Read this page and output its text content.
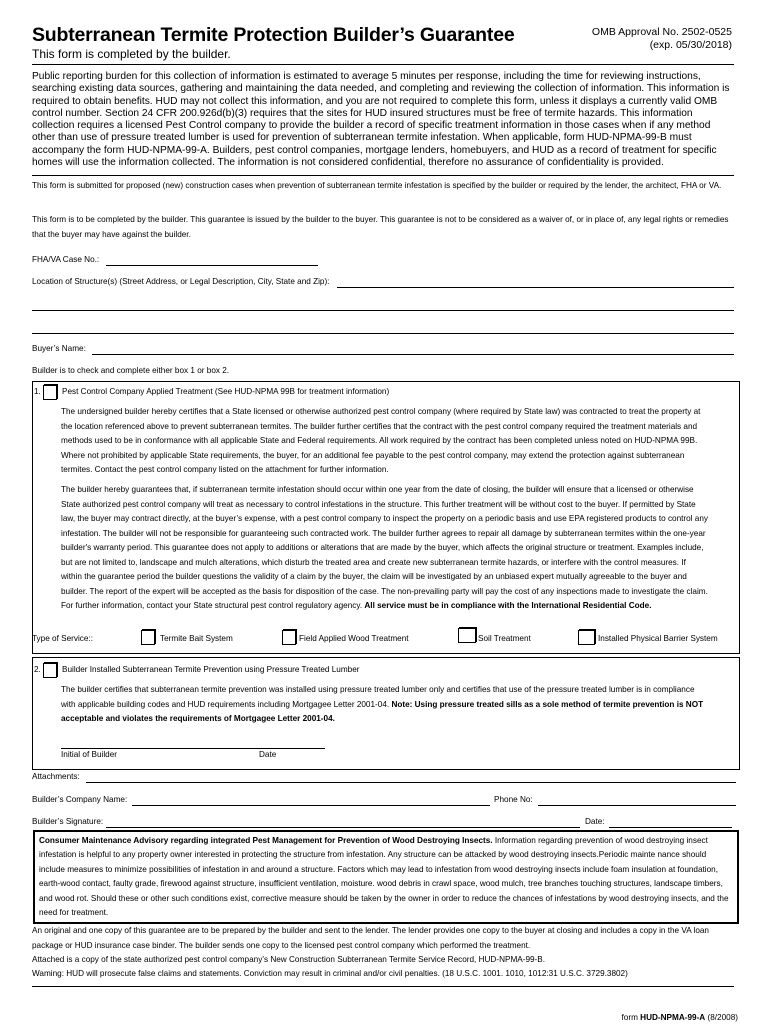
Subterranean Termite Protection Builder’s Guarantee
This form is completed by the builder.
OMB Approval No. 2502-0525
(exp. 05/30/2018)
Public reporting burden for this collection of information is estimated to average 5 minutes per response, including the time for reviewing instructions, searching existing data sources, gathering and maintaining the data needed, and completing and reviewing the collection of information. This information is required to obtain benefits. HUD may not collect this information, and you are not required to complete this form, unless it displays a currently valid OMB control number. Section 24 CFR 200.926d(b)(3) requires that the sites for HUD insured structures must be free of termite hazards. This information collection requires a licensed Pest Control company to provide the builder a record of specific treatment information in those cases when if any method other than use of pressure treated lumber is used for prevention of subterranean termite infestation. When applicable, form HUD-NPMA-99-B must accompany the form HUD-NPMA-99-A. Builders, pest control companies, mortgage lenders, homebuyers, and HUD as a record of treatment for specific homes will use the information collected. The information is not considered confidential, therefore no assurance of confidentiality is provided.
This form is submitted for proposed (new) construction cases when prevention of subterranean termite infestation is specified by the builder or required by the lender, the architect, FHA or VA.
This form is to be completed by the builder. This guarantee is issued by the builder to the buyer. This guarantee is not to be considered as a waiver of, or in place of, any legal rights or remedies that the buyer may have against the builder.
FHA/VA Case No.:
Location of Structure(s) (Street Address, or Legal Description, City, State and Zip):
Buyer’s Name:
Builder is to check and complete either box 1 or box 2.
1.	Pest Control Company Applied Treatment (See HUD-NPMA 99B for treatment information)
The undersigned builder hereby certifies that a State licensed or otherwise authorized pest control company (where required by State law) was contracted to treat the property at the location referenced above to prevent subterranean termites. The builder further certifies that the contract with the pest control company required the treatment materials and methods used to be in conformance with all applicable State and Federal requirements. All work required by the contract has been completed unless noted on HUD-NPMA 99B. Where not prohibited by applicable State requirements, the buyer, for an additional fee payable to the pest control company, may extend the protection against subterranean termites. Contact the pest control company listed on the attachment for further information.
The builder hereby guarantees that, if subterranean termite infestation should occur within one year from the date of closing, the builder will ensure that a licensed or otherwise State authorized pest control company will treat as necessary to control infestations in the structure. This further treatment will be without cost to the buyer. If permitted by State law, the buyer may contract directly, at the buyer’s expense, with a pest control company to inspect the property on a periodic basis and use EPA registered products to control any infestation. The builder will not be responsible for guaranteeing such contracted work. The builder further agrees to repair all damage by subterranean termites within the one-year builder's warranty period. This guarantee does not apply to additions or alterations that are made by the buyer, which affects the original structure or treatment. Examples include, but are not limited to, landscape and mulch alterations, which disturb the treated area and create new subterranean termite hazards, or interfere with the control measures. If within the guarantee period the builder questions the validity of a claim by the buyer, the claim will be investigated by an unbiased expert mutually agreeable to the buyer and builder. The report of the expert will be accepted as the basis for disposition of the case. The non-prevailing party will pay the cost of any inspections made to investigate the claim. For further information, contact your State structural pest control regulatory agency. All service must be in compliance with the International Residential Code.
Type of Service::	Termite Bait System	Field Applied Wood Treatment	Soil Treatment	Installed Physical Barrier System
2.	Builder Installed Subterranean Termite Prevention using Pressure Treated Lumber
The builder certifies that subterranean termite prevention was installed using pressure treated lumber only and certifies that use of the pressure treated lumber is in compliance with applicable building codes and HUD requirements including Mortgagee Letter 2001-04. Note: Using pressure treated sills as a sole method of termite prevention is NOT acceptable and violates the requirements of Mortgagee Letter 2001-04.
Initial of Builder	Date
Attachments:
Builder’s Company Name:	Phone No:
Builder’s Signature:	Date:
Consumer Maintenance Advisory regarding integrated Pest Management for Prevention of Wood Destroying Insects. Information regarding prevention of wood destroying insect infestation is helpful to any property owner interested in protecting the structure from infestation. Any structure can be attacked by wood destroying insects.Periodic mainte nance should include measures to minimize possibilities of infestation in and around a structure. Factors which may lead to infestation from wood destroying insects include foam insulation at foundation, earth-wood contact, faulty grade, firewood against structure, insufficient ventilation, moisture. wood debris in crawl space, wood mulch, tree branches touching structures, landscape timbers, and wood rot. Should these or other such conditions exist, corrective measure should be taken by the owner in order to reduce the chances of infestations by wood destroying insects, and the need for treatment.
An original and one copy of this guarantee are to be prepared by the builder and sent to the lender. The lender provides one copy to the buyer at closing and includes a copy in the VA loan package or HUD insurance case binder. The builder sends one copy to the licensed pest control company which performed the treatment.
Attached is a copy of the state authorized pest control company’s New Construction Subterranean Termite Service Record, HUD-NPMA-99-B.
Waming: HUD will prosecute false claims and statements. Conviction may result in criminal and/or civil penalties. (18 U.S.C. 1001. 1010, 1012:31 U.S.C. 3729.3802)
form HUD-NPMA-99-A (8/2008)
